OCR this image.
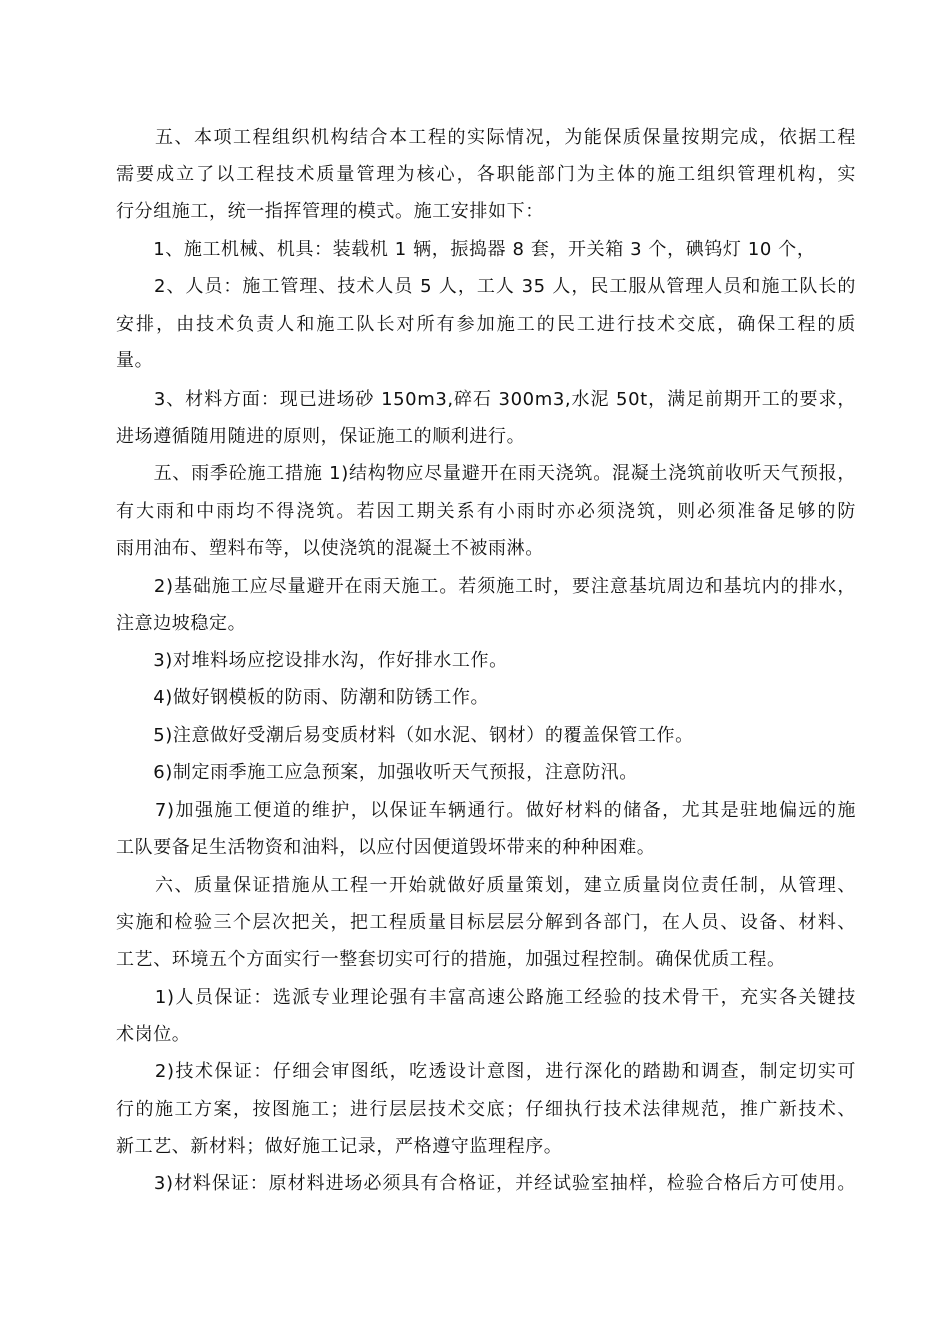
　　五、本项工程组织机构结合本工程的实际情况，为能保质保量按期完成，依据工程
需要成立了以工程技术质量管理为核心，各职能部门为主体的施工组织管理机构，实
行分组施工，统一指挥管理的模式。施工安排如下：
　　1、施工机械、机具：装载机 1 辆，振捣器 8 套，开关箱 3 个，碘钨灯 10 个，
　　2、人员：施工管理、技术人员 5 人，工人 35 人，民工服从管理人员和施工队长的
安排，由技术负责人和施工队长对所有参加施工的民工进行技术交底，确保工程的质
量。
　　3、材料方面：现已进场砂 150m3,碎石 300m3,水泥 50t，满足前期开工的要求，
进场遵循随用随进的原则，保证施工的顺利进行。
　　五、雨季砼施工措施 1)结构物应尽量避开在雨天浇筑。混凝土浇筑前收听天气预报，
有大雨和中雨均不得浇筑。若因工期关系有小雨时亦必须浇筑，则必须准备足够的防
雨用油布、塑料布等，以使浇筑的混凝土不被雨淋。
　　2)基础施工应尽量避开在雨天施工。若须施工时，要注意基坑周边和基坑内的排水，
注意边坡稳定。
　　3)对堆料场应挖设排水沟，作好排水工作。
　　4)做好钢模板的防雨、防潮和防锈工作。
　　5)注意做好受潮后易变质材料（如水泥、钢材）的覆盖保管工作。
　　6)制定雨季施工应急预案，加强收听天气预报，注意防汛。
　　7)加强施工便道的维护，以保证车辆通行。做好材料的储备，尤其是驻地偏远的施
工队要备足生活物资和油料，以应付因便道毁坏带来的种种困难。
　　六、质量保证措施从工程一开始就做好质量策划，建立质量岗位责任制，从管理、
实施和检验三个层次把关，把工程质量目标层层分解到各部门，在人员、设备、材料、
工艺、环境五个方面实行一整套切实可行的措施，加强过程控制。确保优质工程。
　　1)人员保证：选派专业理论强有丰富高速公路施工经验的技术骨干，充实各关键技
术岗位。
　　2)技术保证：仔细会审图纸，吃透设计意图，进行深化的踏勘和调查，制定切实可
行的施工方案，按图施工；进行层层技术交底；仔细执行技术法律规范，推广新技术、
新工艺、新材料；做好施工记录，严格遵守监理程序。
　　3)材料保证：原材料进场必须具有合格证，并经试验室抽样，检验合格后方可使用。
